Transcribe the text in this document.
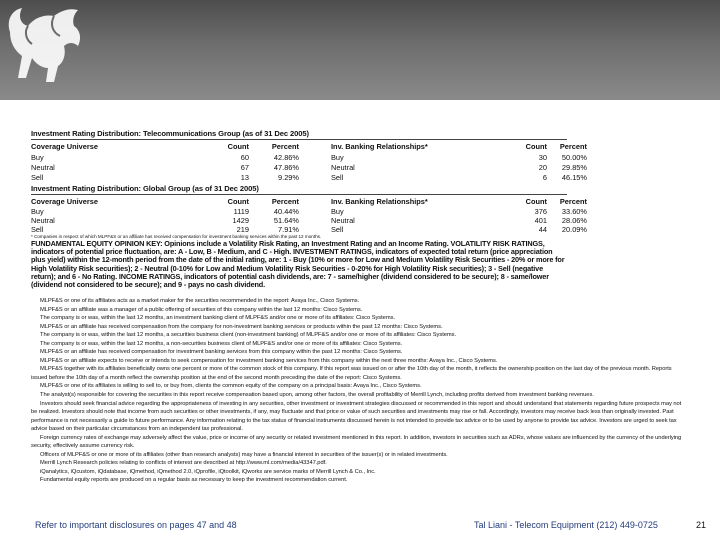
Investment Rating Distribution: Telecommunications Group (as of 31 Dec 2005)
Coverage Universe	Count	Percent	Inv. Banking Relationships*	Count	Percent
Buy	60	42.86%	Buy	30	50.00%
Neutral	67	47.86%	Neutral	20	29.85%
Sell	13	9.29%	Sell	6	46.15%
Investment Rating Distribution: Global Group (as of 31 Dec 2005)
Coverage Universe	Count	Percent	Inv. Banking Relationships*	Count	Percent
Buy	1119	40.44%	Buy	376	33.60%
Neutral	1429	51.64%	Neutral	401	28.06%
Sell	219	7.91%	Sell	44	20.09%
* Companies in respect of which MLPF&S or an affiliate has received compensation for investment banking services within the past 12 months.
FUNDAMENTAL EQUITY OPINION KEY: Opinions include a Volatility Risk Rating, an Investment Rating and an Income Rating. VOLATILITY RISK RATINGS, indicators of potential price fluctuation, are: A - Low, B - Medium, and C - High. INVESTMENT RATINGS, indicators of expected total return (price appreciation plus yield) within the 12-month period from the date of the initial rating, are: 1 - Buy (10% or more for Low and Medium Volatility Risk Securities - 20% or more for High Volatility Risk securities); 2 - Neutral (0-10% for Low and Medium Volatility Risk Securities - 0-20% for High Volatility Risk securities); 3 - Sell (negative return); and 6 - No Rating. INCOME RATINGS, indicators of potential cash dividends, are: 7 - same/higher (dividend considered to be secure); 8 - same/lower (dividend not considered to be secure); and 9 - pays no cash dividend.

MLPF&S or one of its affiliates acts as a market maker for the securities recommended in the report: Avaya Inc., Cisco Systems.

MLPF&S or an affiliate was a manager of a public offering of securities of this company within the last 12 months: Cisco Systems.

The company is or was, within the last 12 months, an investment banking client of MLPF&S and/or one or more of its affiliates: Cisco Systems.

MLPF&S or an affiliate has received compensation from the company for non-investment banking services or products within the past 12 months: Cisco Systems.

The company is or was, within the last 12 months, a securities business client (non-investment banking) of MLPF&S and/or one or more of its affiliates: Cisco Systems.

The company is or was, within the last 12 months, a non-securities business client of MLPF&S and/or one or more of its affiliates: Cisco Systems.

MLPF&S or an affiliate has received compensation for investment banking services from this company within the past 12 months: Cisco Systems.

MLPF&S or an affiliate expects to receive or intends to seek compensation for investment banking services from this company within the next three months: Avaya Inc., Cisco Systems.

MLPF&S together with its affiliates beneficially owns one percent or more of the common stock of this company. If this report was issued on or after the 10th day of the month, it reflects the ownership position on the last day of the previous month. Reports issued before the 10th day of a month reflect the ownership position at the end of the second month preceding the date of the report: Cisco Systems.

MLPF&S or one of its affiliates is willing to sell to, or buy from, clients the common equity of the company on a principal basis: Avaya Inc., Cisco Systems.

The analyst(s) responsible for covering the securities in this report receive compensation based upon, among other factors, the overall profitability of Merrill Lynch, including profits derived from investment banking revenues.

Investors should seek financial advice regarding the appropriateness of investing in any securities, other investment or investment strategies discussed or recommended in this report and should understand that statements regarding future prospects may not be realized. Investors should note that income from such securities or other investments, if any, may fluctuate and that price or value of such securities and investments may rise or fall. Accordingly, investors may receive back less than originally invested. Past performance is not necessarily a guide to future performance. Any information relating to the tax status of financial instruments discussed herein is not intended to provide tax advice or to be used by anyone to provide tax advice. Investors are urged to seek tax advice based on their particular circumstances from an independent tax professional.

Foreign currency rates of exchange may adversely affect the value, price or income of any security or related investment mentioned in this report. In addition, investors in securities such as ADRs, whose values are influenced by the currency of the underlying security, effectively assume currency risk.

Officers of MLPF&S or one or more of its affiliates (other than research analysts) may have a financial interest in securities of the issuer(s) or in related investments.

Merrill Lynch Research policies relating to conflicts of interest are described at http://www.ml.com/media/43347.pdf.

iQanalytics, iQcustom, iQdatabase, iQmethod, iQmethod 2.0, iQprofile, iQtoolkit, iQworks are service marks of Merrill Lynch & Co., Inc.

Fundamental equity reports are produced on a regular basis as necessary to keep the investment recommendation current.

Refer to important disclosures on pages 47 and 48	Tal Liani - Telecom Equipment (212) 449-0725	21
